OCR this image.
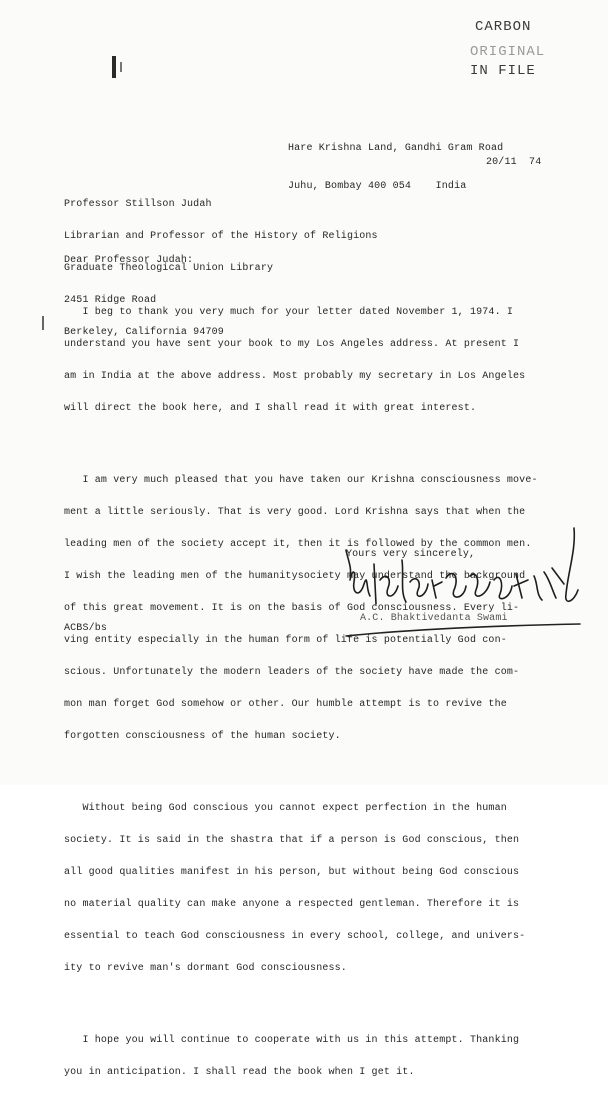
CARBON
ORIGINAL
IN FILE

Hare Krishna Land, Gandhi Gram Road

Juhu, Bombay 400 054    India

20/11  74

Professor Stillson Judah

Librarian and Professor of the History of Religions

Graduate Theological Union Library

2451 Ridge Road

Berkeley, California 94709

Dear Professor Judah:

I beg to thank you very much for your letter dated November 1, 1974. I

understand you have sent your book to my Los Angeles address. At present I

am in India at the above address. Most probably my secretary in Los Angeles

will direct the book here, and I shall read it with great interest.

I am very much pleased that you have taken our Krishna consciousness move-

ment a little seriously. That is very good. Lord Krishna says that when the

leading men of the society accept it, then it is followed by the common men.

I wish the leading men of the humanitysociety may understand the background

of this great movement. It is on the basis of God consciousness. Every li-

ving entity especially in the human form of life is potentially God con-

scious. Unfortunately the modern leaders of the society have made the com-

mon man forget God somehow or other. Our humble attempt is to revive the

forgotten consciousness of the human society.

Without being God conscious you cannot expect perfection in the human

society. It is said in the shastra that if a person is God conscious, then

all good qualities manifest in his person, but without being God conscious

no material quality can make anyone a respected gentleman. Therefore it is

essential to teach God consciousness in every school, college, and univers-

ity to revive man's dormant God consciousness.

I hope you will continue to cooperate with us in this attempt. Thanking

you in anticipation. I shall read the book when I get it.

Yours very sincerely,
A.C. Bhaktivedanta Swami
ACBS/bs
